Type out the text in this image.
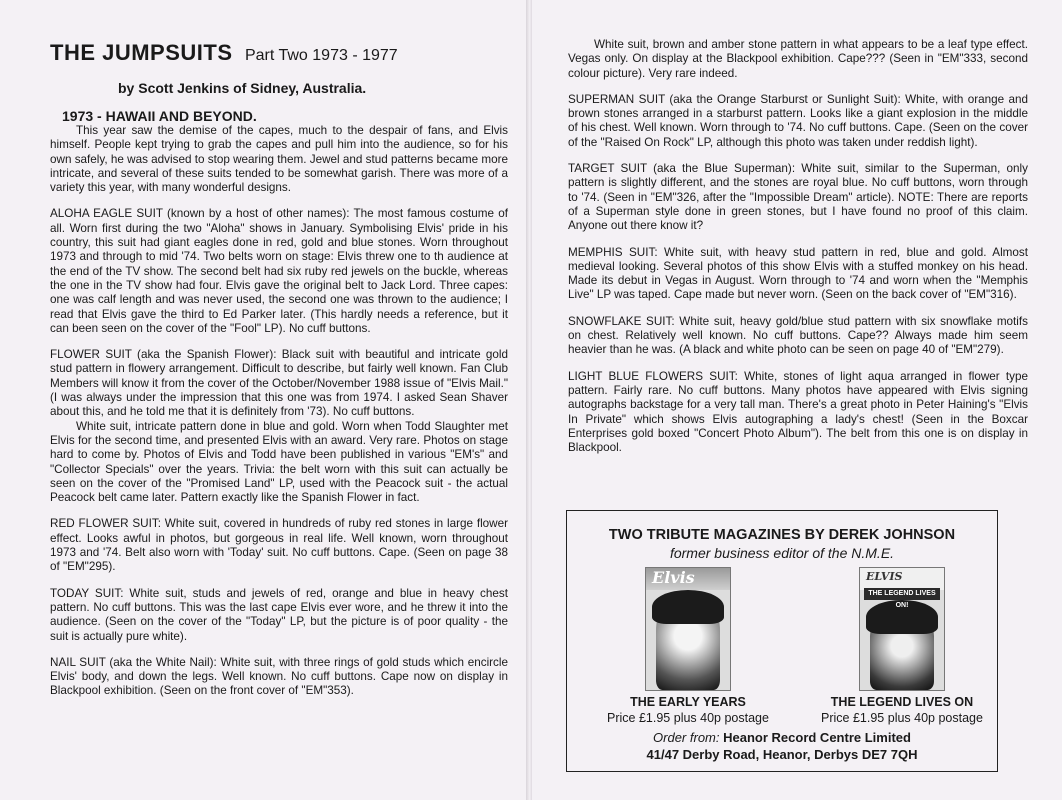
THE JUMPSUITS Part Two 1973 - 1977
by Scott Jenkins of Sidney, Australia.
1973 - HAWAII AND BEYOND.

This year saw the demise of the capes, much to the despair of fans, and Elvis himself. People kept trying to grab the capes and pull him into the audience, so for his own safely, he was advised to stop wearing them. Jewel and stud patterns became more intricate, and several of these suits tended to be somewhat garish. There was more of a variety this year, with many wonderful designs.

ALOHA EAGLE SUIT (known by a host of other names): The most famous costume of all. Worn first during the two "Aloha" shows in January. Symbolising Elvis' pride in his country, this suit had giant eagles done in red, gold and blue stones. Worn throughout 1973 and through to mid '74. Two belts worn on stage: Elvis threw one to th audience at the end of the TV show. The second belt had six ruby red jewels on the buckle, whereas the one in the TV show had four. Elvis gave the original belt to Jack Lord. Three capes: one was calf length and was never used, the second one was thrown to the audience; I read that Elvis gave the third to Ed Parker later. (This hardly needs a reference, but it can been seen on the cover of the "Fool" LP). No cuff buttons.

FLOWER SUIT (aka the Spanish Flower): Black suit with beautiful and intricate gold stud pattern in flowery arrangement. Difficult to describe, but fairly well known. Fan Club Members will know it from the cover of the October/November 1988 issue of "Elvis Mail." (I was always under the impression that this one was from 1974. I asked Sean Shaver about this, and he told me that it is definitely from '73). No cuff buttons.

White suit, intricate pattern done in blue and gold. Worn when Todd Slaughter met Elvis for the second time, and presented Elvis with an award. Very rare. Photos on stage hard to come by. Photos of Elvis and Todd have been published in various "EM's" and "Collector Specials" over the years. Trivia: the belt worn with this suit can actually be seen on the cover of the "Promised Land" LP, used with the Peacock suit - the actual Peacock belt came later. Pattern exactly like the Spanish Flower in fact.

RED FLOWER SUIT: White suit, covered in hundreds of ruby red stones in large flower effect. Looks awful in photos, but gorgeous in real life. Well known, worn throughout 1973 and '74. Belt also worn with 'Today' suit. No cuff buttons. Cape. (Seen on page 38 of "EM"295).

TODAY SUIT: White suit, studs and jewels of red, orange and blue in heavy chest pattern. No cuff buttons. This was the last cape Elvis ever wore, and he threw it into the audience. (Seen on the cover of the "Today" LP, but the picture is of poor quality - the suit is actually pure white).

NAIL SUIT (aka the White Nail): White suit, with three rings of gold studs which encircle Elvis' body, and down the legs. Well known. No cuff buttons. Cape now on display in Blackpool exhibition. (Seen on the front cover of "EM"353).

White suit, brown and amber stone pattern in what appears to be a leaf type effect. Vegas only. On display at the Blackpool exhibition. Cape??? (Seen in "EM"333, second colour picture). Very rare indeed.

SUPERMAN SUIT (aka the Orange Starburst or Sunlight Suit): White, with orange and brown stones arranged in a starburst pattern. Looks like a giant explosion in the middle of his chest. Well known. Worn through to '74. No cuff buttons. Cape. (Seen on the cover of the "Raised On Rock" LP, although this photo was taken under reddish light).

TARGET SUIT (aka the Blue Superman): White suit, similar to the Superman, only pattern is slightly different, and the stones are royal blue. No cuff buttons, worn through to '74. (Seen in "EM"326, after the "Impossible Dream" article). NOTE: There are reports of a Superman style done in green stones, but I have found no proof of this claim. Anyone out there know it?

MEMPHIS SUIT: White suit, with heavy stud pattern in red, blue and gold. Almost medieval looking. Several photos of this show Elvis with a stuffed monkey on his head. Made its debut in Vegas in August. Worn through to '74 and worn when the "Memphis Live" LP was taped. Cape made but never worn. (Seen on the back cover of "EM"316).

SNOWFLAKE SUIT: White suit, heavy gold/blue stud pattern with six snowflake motifs on chest. Relatively well known. No cuff buttons. Cape?? Always made him seem heavier than he was. (A black and white photo can be seen on page 40 of "EM"279).

LIGHT BLUE FLOWERS SUIT: White, stones of light aqua arranged in flower type pattern. Fairly rare. No cuff buttons. Many photos have appeared with Elvis signing autographs backstage for a very tall man. There's a great photo in Peter Haining's "Elvis In Private" which shows Elvis autographing a lady's chest! (Seen in the Boxcar Enterprises gold boxed "Concert Photo Album"). The belt from this one is on display in Blackpool.

TWO TRIBUTE MAGAZINES BY DEREK JOHNSON
former business editor of the N.M.E.
Elvis	ELVIS
THE LEGEND LIVES ON!
THE EARLY YEARS
Price £1.95 plus 40p postage
THE LEGEND LIVES ON
Price £1.95 plus 40p postage
Order from: Heanor Record Centre Limited
41/47 Derby Road, Heanor, Derbys DE7 7QH
